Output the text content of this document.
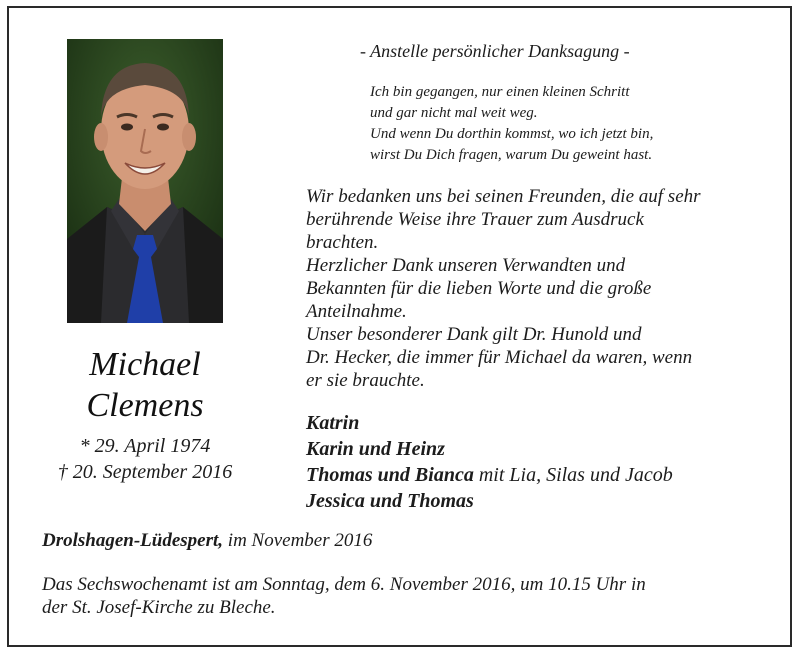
Michael
Clemens
* 29. April 1974
† 20. September 2016
- Anstelle persönlicher Danksagung -
Ich bin gegangen, nur einen kleinen Schritt
und gar nicht mal weit weg.
Und wenn Du dorthin kommst, wo ich jetzt bin,
wirst Du Dich fragen, warum Du geweint hast.
Wir bedanken uns bei seinen Freunden, die auf sehr
berührende Weise ihre Trauer zum Ausdruck
brachten.
Herzlicher Dank unseren Verwandten und
Bekannten für die lieben Worte und die große
Anteilnahme.
Unser besonderer Dank gilt Dr. Hunold und
Dr. Hecker, die immer für Michael da waren, wenn
er sie brauchte.
Katrin
Karin und Heinz
Thomas und Bianca mit Lia, Silas und Jacob
Jessica und Thomas
Drolshagen-Lüdespert, im November 2016
Das Sechswochenamt ist am Sonntag, dem 6. November 2016, um 10.15 Uhr in
der St. Josef-Kirche zu Bleche.
